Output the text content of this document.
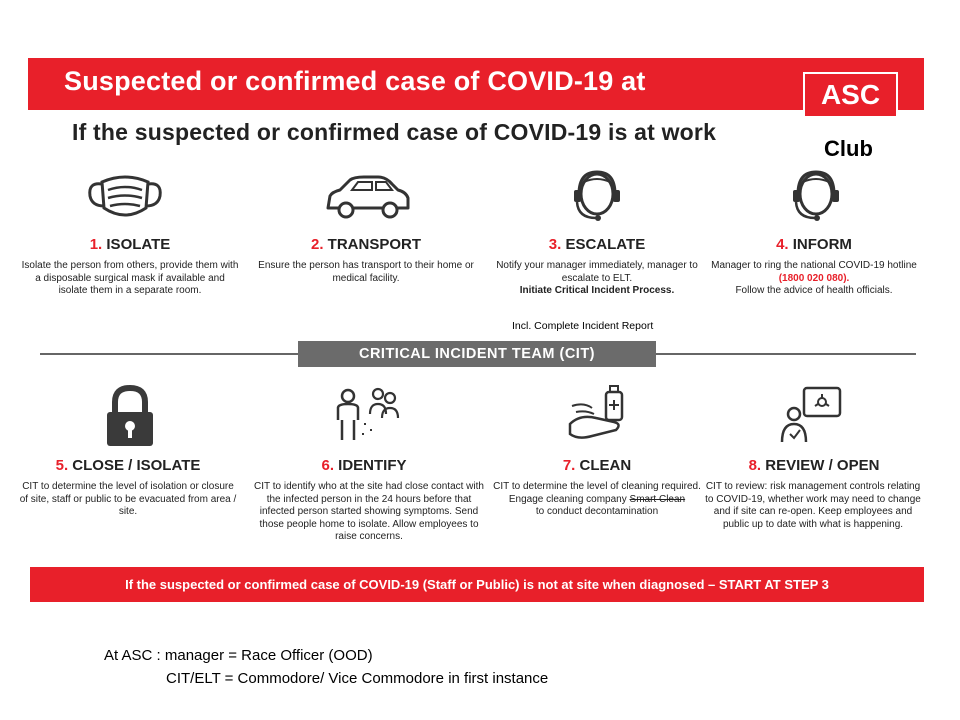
Suspected or confirmed case of COVID-19 at	ASC
If the suspected or confirmed case of COVID-19 is at work
Club
1. ISOLATE
Isolate the person from others, provide them with a disposable surgical mask if available and isolate them in a separate room.
2. TRANSPORT
Ensure the person has transport to their home or medical facility.
3. ESCALATE
Notify your manager immediately, manager to escalate to ELT.
Initiate Critical Incident Process.
4. INFORM
Manager to ring the national COVID-19 hotline
(1800 020 080).
Follow the advice of health officials.
Incl. Complete Incident Report
CRITICAL INCIDENT TEAM (CIT)
5. CLOSE / ISOLATE
CIT to determine the level of isolation or closure of site, staff or public to be evacuated from area / site.
6. IDENTIFY
CIT to identify who at the site had close contact with the infected person in the 24 hours before that infected person started showing symptoms. Send those people home to isolate. Allow employees to raise concerns.
7. CLEAN
CIT to determine the level of cleaning required. Engage cleaning company Smart Clean
to conduct decontamination
8. REVIEW / OPEN
CIT to review: risk management controls relating to COVID-19, whether work may need to change and if site can re-open. Keep employees and public up to date with what is happening.
If the suspected or confirmed case of COVID-19 (Staff or Public) is not at site when diagnosed – START AT STEP 3
At ASC : manager = Race Officer (OOD)
CIT/ELT = Commodore/ Vice Commodore in first instance
